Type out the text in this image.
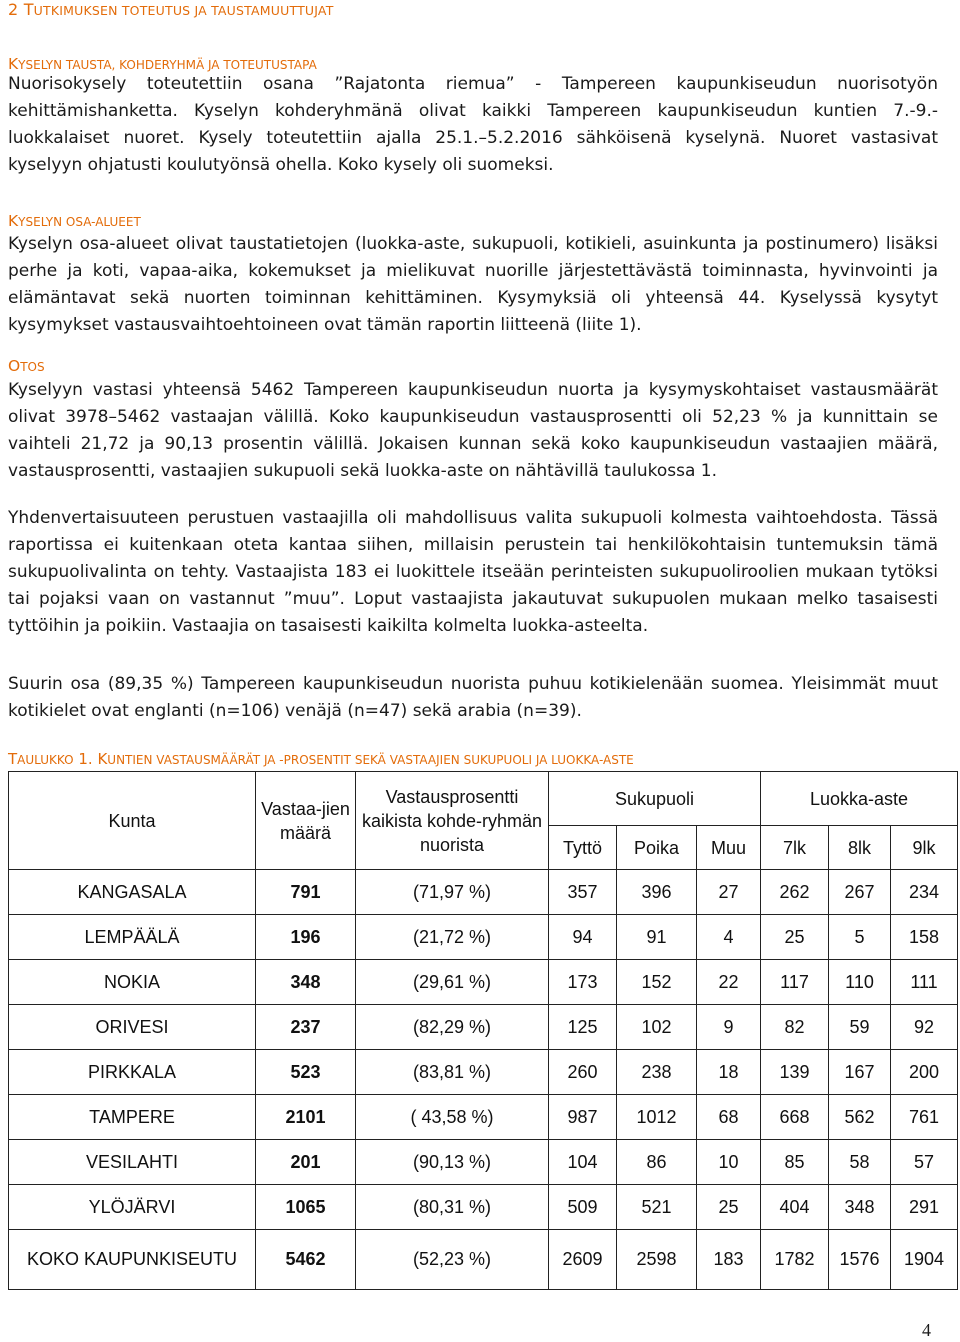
2 TUTKIMUKSEN TOTEUTUS JA TAUSTAMUUTTUJAT
KYSELYN TAUSTA, KOHDERYHMÄ JA TOTEUTUSTAPA

Nuorisokysely toteutettiin osana ”Rajatonta riemua” - Tampereen kaupunkiseudun nuorisotyön kehittämishanketta. Kyselyn kohderyhmänä olivat kaikki Tampereen kaupunkiseudun kuntien 7.-9.-luokkalaiset nuoret. Kysely toteutettiin ajalla 25.1.–5.2.2016 sähköisenä kyselynä. Nuoret vastasivat kyselyyn ohjatusti koulutyönsä ohella. Koko kysely oli suomeksi.

KYSELYN OSA-ALUEET

Kyselyn osa-alueet olivat taustatietojen (luokka-aste, sukupuoli, kotikieli, asuinkunta ja postinumero) lisäksi perhe ja koti, vapaa-aika, kokemukset ja mielikuvat nuorille järjestettävästä toiminnasta, hyvinvointi ja elämäntavat sekä nuorten toiminnan kehittäminen. Kysymyksiä oli yhteensä 44. Kyselyssä kysytyt kysymykset vastausvaihtoehtoineen ovat tämän raportin liitteenä (liite 1).

OTOS

Kyselyyn vastasi yhteensä 5462 Tampereen kaupunkiseudun nuorta ja kysymyskohtaiset vastausmäärät olivat 3978–5462 vastaajan välillä. Koko kaupunkiseudun vastausprosentti oli 52,23 % ja kunnittain se vaihteli 21,72 ja 90,13 prosentin välillä. Jokaisen kunnan sekä koko kaupunkiseudun vastaajien määrä, vastausprosentti, vastaajien sukupuoli sekä luokka-aste on nähtävillä taulukossa 1.

Yhdenvertaisuuteen perustuen vastaajilla oli mahdollisuus valita sukupuoli kolmesta vaihtoehdosta. Tässä raportissa ei kuitenkaan oteta kantaa siihen, millaisin perustein tai henkilökohtaisin tuntemuksin tämä sukupuolivalinta on tehty. Vastaajista 183 ei luokittele itseään perinteisten sukupuoliroolien mukaan tytöksi tai pojaksi vaan on vastannut ”muu”. Loput vastaajista jakautuvat sukupuolen mukaan melko tasaisesti tyttöihin ja poikiin. Vastaajia on tasaisesti kaikilta kolmelta luokka-asteelta.

Suurin osa (89,35 %) Tampereen kaupunkiseudun nuorista puhuu kotikielenään suomea. Yleisimmät muut kotikielet ovat englanti (n=106) venäjä (n=47) sekä arabia (n=39).

TAULUKKO 1. KUNTIEN VASTAUSMÄÄRÄT JA -PROSENTIT SEKÄ VASTAAJIEN SUKUPUOLI JA LUOKKA-ASTE
Kunta	Vastaa-jien määrä	Vastausprosentti kaikista kohde-ryhmän nuorista	Sukupuoli			Luokka-aste		
			Tyttö	Poika	Muu	7lk	8lk	9lk
KANGASALA	791	(71,97 %)	357	396	27	262	267	234
LEMPÄÄLÄ	196	(21,72 %)	94	91	4	25	5	158
NOKIA	348	(29,61 %)	173	152	22	117	110	111
ORIVESI	237	(82,29 %)	125	102	9	82	59	92
PIRKKALA	523	(83,81 %)	260	238	18	139	167	200
TAMPERE	2101	( 43,58 %)	987	1012	68	668	562	761
VESILAHTI	201	(90,13 %)	104	86	10	85	58	57
YLÖJÄRVI	1065	(80,31 %)	509	521	25	404	348	291
KOKO KAUPUNKISEUTU	5462	(52,23 %)	2609	2598	183	1782	1576	1904
4
